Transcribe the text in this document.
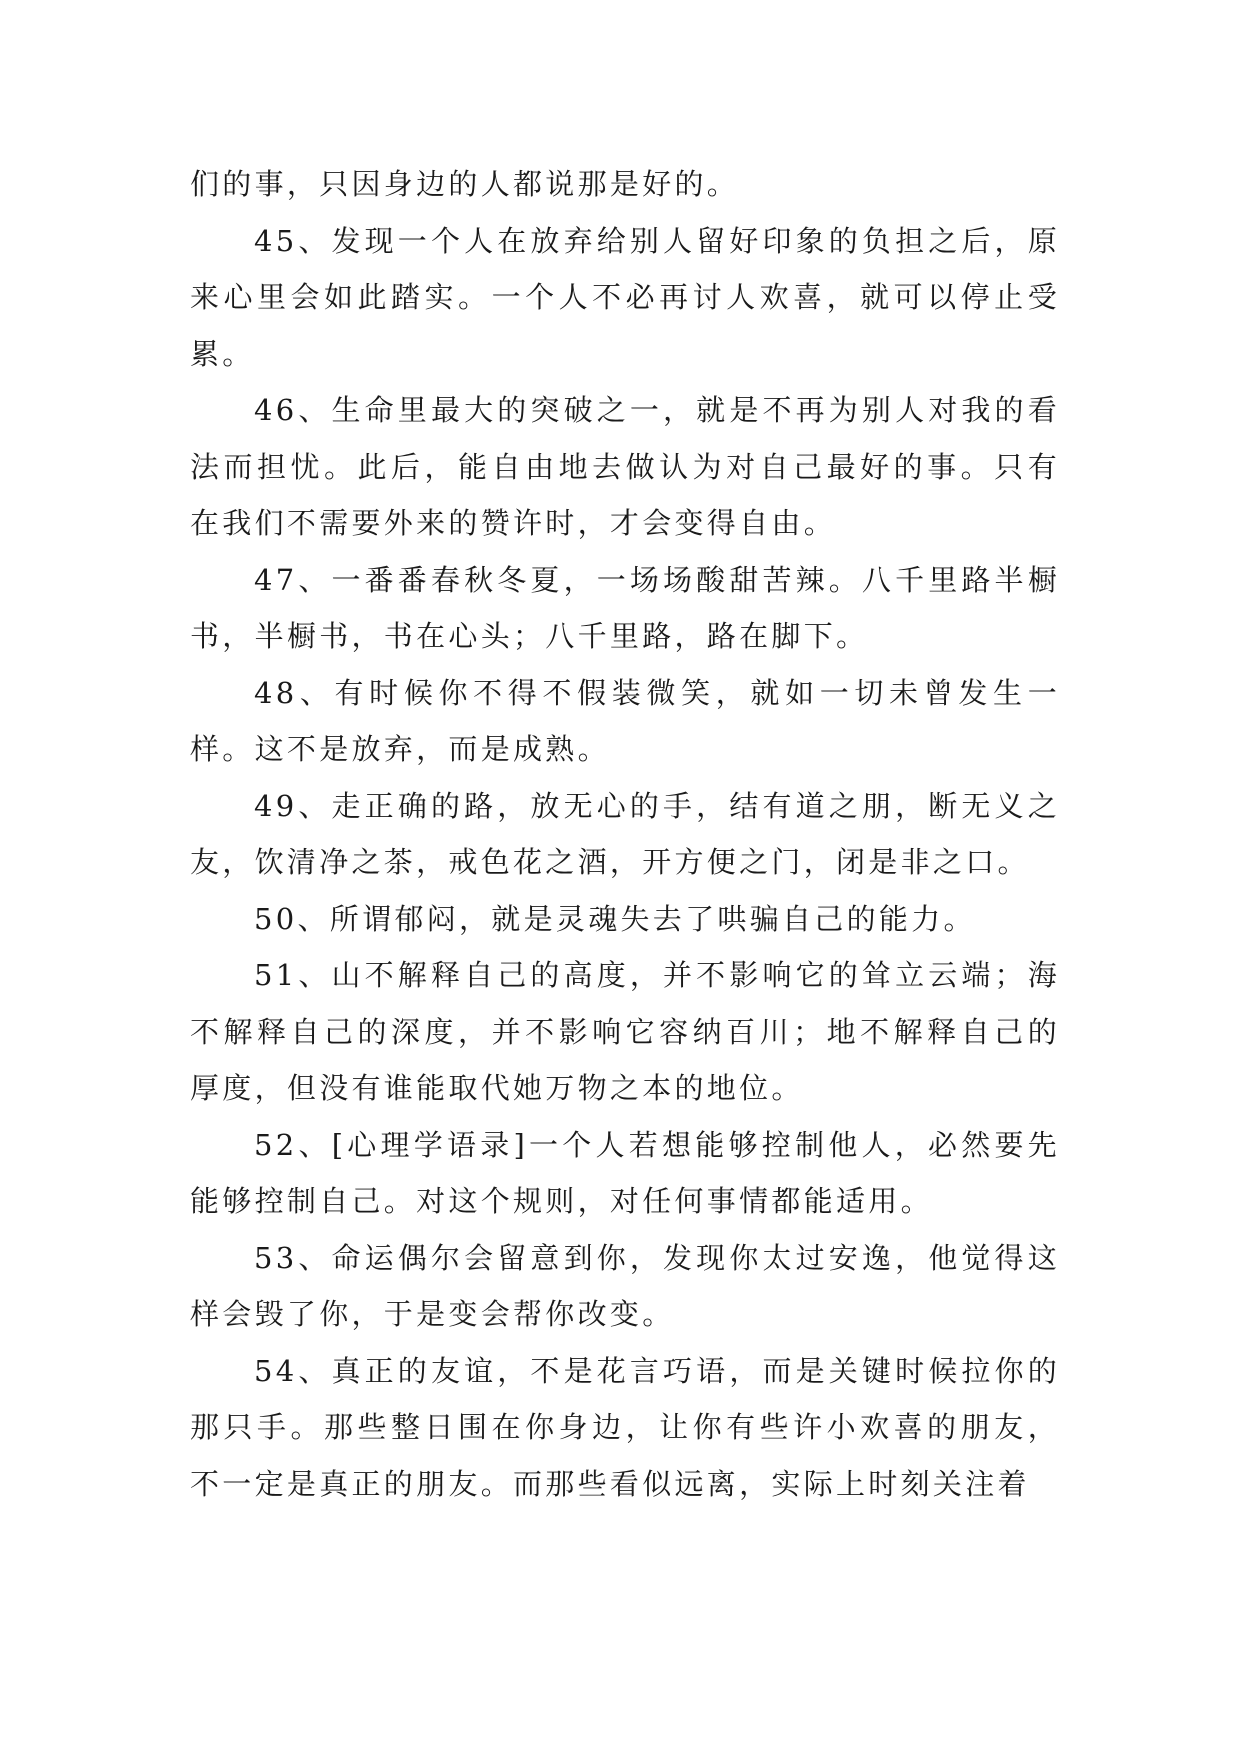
们的事，只因身边的人都说那是好的。

45、发现一个人在放弃给别人留好印象的负担之后，原来心里会如此踏实。一个人不必再讨人欢喜，就可以停止受累。

46、生命里最大的突破之一，就是不再为别人对我的看法而担忧。此后，能自由地去做认为对自己最好的事。只有在我们不需要外来的赞许时，才会变得自由。

47、一番番春秋冬夏，一场场酸甜苦辣。八千里路半橱书，半橱书，书在心头；八千里路，路在脚下。

48、有时候你不得不假装微笑，就如一切未曾发生一样。这不是放弃，而是成熟。

49、走正确的路，放无心的手，结有道之朋，断无义之友，饮清净之茶，戒色花之酒，开方便之门，闭是非之口。

50、所谓郁闷，就是灵魂失去了哄骗自己的能力。

51、山不解释自己的高度，并不影响它的耸立云端；海不解释自己的深度，并不影响它容纳百川；地不解释自己的厚度，但没有谁能取代她万物之本的地位。

52、[心理学语录]一个人若想能够控制他人，必然要先能够控制自己。对这个规则，对任何事情都能适用。

53、命运偶尔会留意到你，发现你太过安逸，他觉得这样会毁了你，于是变会帮你改变。

54、真正的友谊，不是花言巧语，而是关键时候拉你的那只手。那些整日围在你身边，让你有些许小欢喜的朋友，不一定是真正的朋友。而那些看似远离，实际上时刻关注着
